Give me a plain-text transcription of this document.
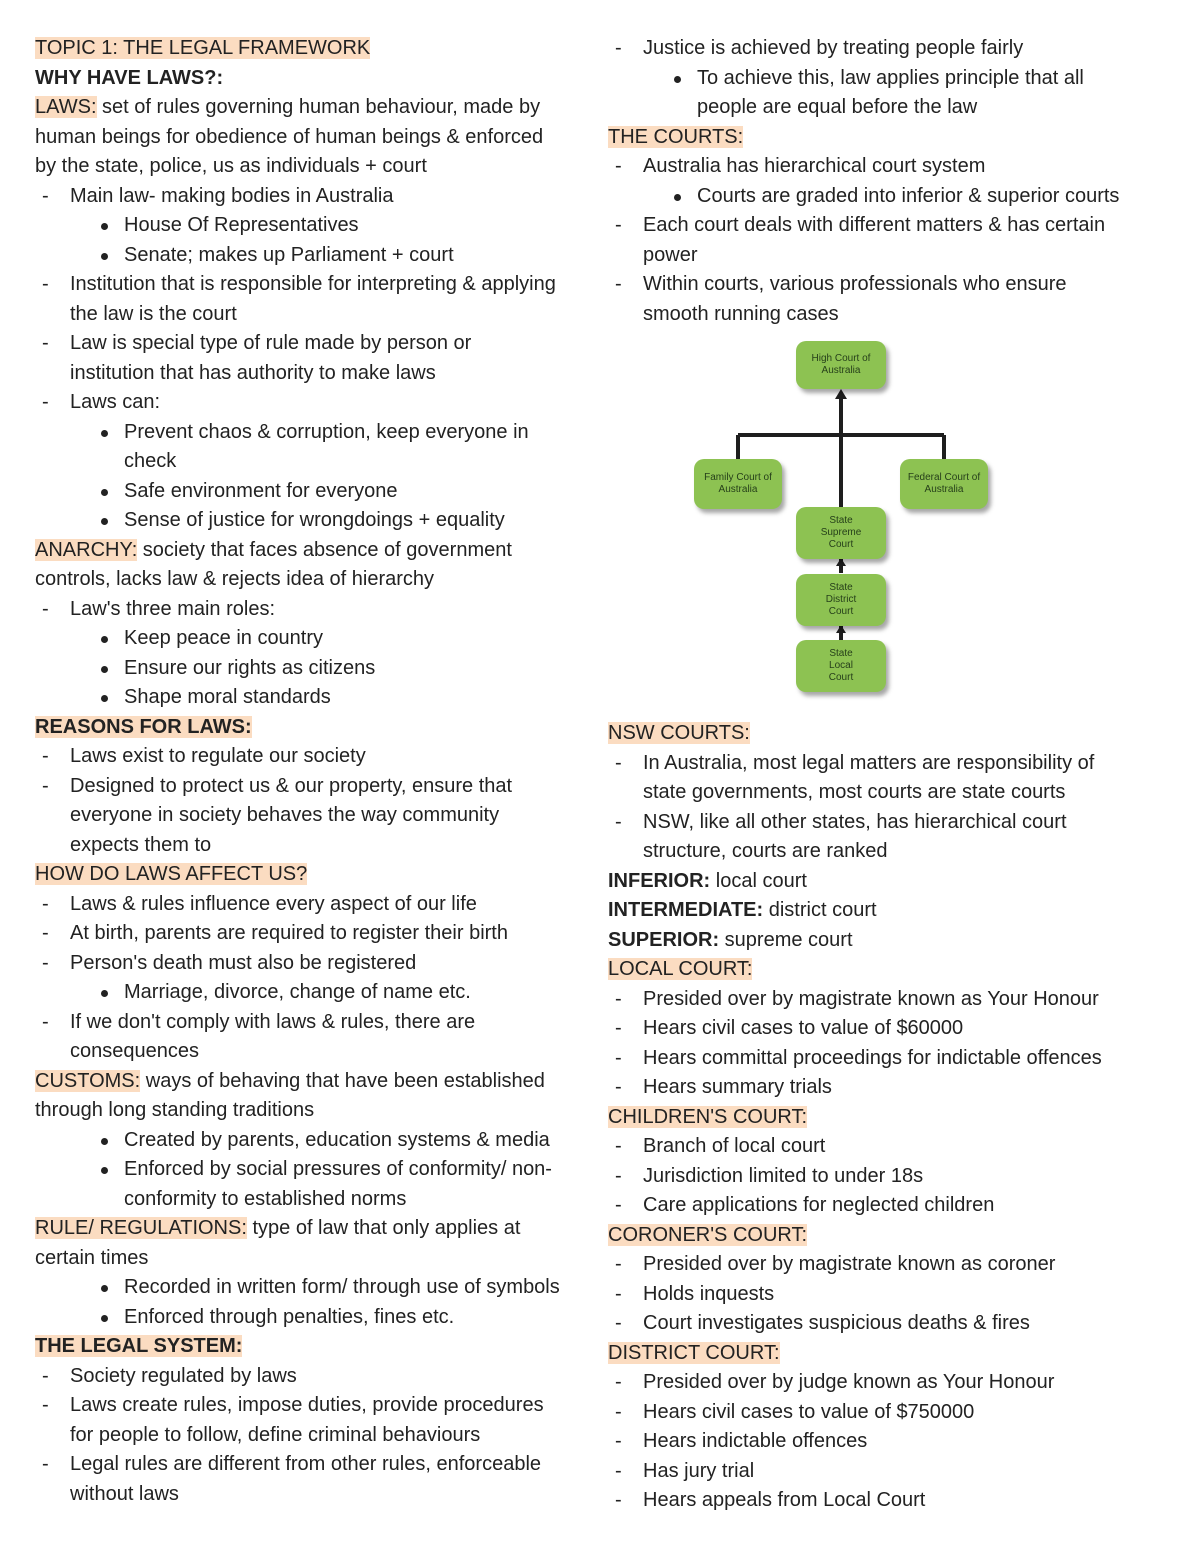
TOPIC 1: THE LEGAL FRAMEWORK
WHY HAVE LAWS?:
LAWS: set of rules governing human behaviour, made by
human beings for obedience of human beings & enforced
by the state, police, us as individuals + court
- Main law- making bodies in Australia
House Of Representatives
Senate; makes up Parliament + court
- Institution that is responsible for interpreting & applying
the law is the court
- Law is special type of rule made by person or
institution that has authority to make laws
- Laws can:
Prevent chaos & corruption, keep everyone in
check
Safe environment for everyone
Sense of justice for wrongdoings + equality
ANARCHY: society that faces absence of government
controls, lacks law & rejects idea of hierarchy
- Law's three main roles:
Keep peace in country
Ensure our rights as citizens
Shape moral standards
REASONS FOR LAWS:
- Laws exist to regulate our society
- Designed to protect us & our property, ensure that
everyone in society behaves the way community
expects them to
HOW DO LAWS AFFECT US?
- Laws & rules influence every aspect of our life
- At birth, parents are required to register their birth
- Person's death must also be registered
Marriage, divorce, change of name etc.
- If we don't comply with laws & rules, there are
consequences
CUSTOMS: ways of behaving that have been established
through long standing traditions
Created by parents, education systems & media
Enforced by social pressures of conformity/ non-
conformity to established norms
RULE/ REGULATIONS: type of law that only applies at
certain times
Recorded in written form/ through use of symbols
Enforced through penalties, fines etc.
THE LEGAL SYSTEM:
- Society regulated by laws
- Laws create rules, impose duties, provide procedures
for people to follow, define criminal behaviours
- Legal rules are different from other rules, enforceable
without laws
- Justice is achieved by treating people fairly
To achieve this, law applies principle that all
people are equal before the law
THE COURTS:
- Australia has hierarchical court system
Courts are graded into inferior & superior courts
- Each court deals with different matters & has certain
power
- Within courts, various professionals who ensure
smooth running cases
High Court of Australia
Family Court of Australia
Federal Court of Australia
State Supreme Court
State District Court
State Local Court
NSW COURTS:
- In Australia, most legal matters are responsibility of
state governments, most courts are state courts
- NSW, like all other states, has hierarchical court
structure, courts are ranked
INFERIOR: local court
INTERMEDIATE: district court
SUPERIOR: supreme court
LOCAL COURT:
- Presided over by magistrate known as Your Honour
- Hears civil cases to value of $60000
- Hears committal proceedings for indictable offences
- Hears summary trials
CHILDREN'S COURT:
- Branch of local court
- Jurisdiction limited to under 18s
- Care applications for neglected children
CORONER'S COURT:
- Presided over by magistrate known as coroner
- Holds inquests
- Court investigates suspicious deaths & fires
DISTRICT COURT:
- Presided over by judge known as Your Honour
- Hears civil cases to value of $750000
- Hears indictable offences
- Has jury trial
- Hears appeals from Local Court
